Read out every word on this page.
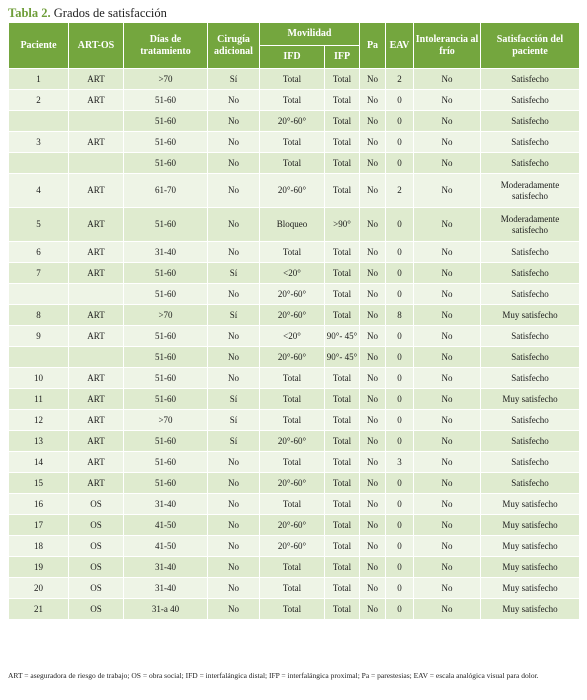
Tabla 2. Grados de satisfacción
Paciente	ART-OS	Días de tratamiento	Cirugía adicional	Movilidad		Pa	EAV	Intolerancia al frío	Satisfacción del paciente
				IFD	IFP				
1	ART	>70	Sí	Total	Total	No	2	No	Satisfecho
2	ART	51-60	No	Total	Total	No	0	No	Satisfecho
		51-60	No	20°-60°	Total	No	0	No	Satisfecho
3	ART	51-60	No	Total	Total	No	0	No	Satisfecho
		51-60	No	Total	Total	No	0	No	Satisfecho
4	ART	61-70	No	20°-60°	Total	No	2	No	Moderadamente satisfecho
5	ART	51-60	No	Bloqueo	>90°	No	0	No	Moderadamente satisfecho
6	ART	31-40	No	Total	Total	No	0	No	Satisfecho
7	ART	51-60	Sí	<20°	Total	No	0	No	Satisfecho
		51-60	No	20°-60°	Total	No	0	No	Satisfecho
8	ART	>70	Sí	20°-60°	Total	No	8	No	Muy satisfecho
9	ART	51-60	No	<20°	90°- 45°	No	0	No	Satisfecho
		51-60	No	20°-60°	90°- 45°	No	0	No	Satisfecho
10	ART	51-60	No	Total	Total	No	0	No	Satisfecho
11	ART	51-60	Sí	Total	Total	No	0	No	Muy satisfecho
12	ART	>70	Sí	Total	Total	No	0	No	Satisfecho
13	ART	51-60	Sí	20°-60°	Total	No	0	No	Satisfecho
14	ART	51-60	No	Total	Total	No	3	No	Satisfecho
15	ART	51-60	No	20°-60°	Total	No	0	No	Satisfecho
16	OS	31-40	No	Total	Total	No	0	No	Muy satisfecho
17	OS	41-50	No	20°-60°	Total	No	0	No	Muy satisfecho
18	OS	41-50	No	20°-60°	Total	No	0	No	Muy satisfecho
19	OS	31-40	No	Total	Total	No	0	No	Muy satisfecho
20	OS	31-40	No	Total	Total	No	0	No	Muy satisfecho
21	OS	31-a 40	No	Total	Total	No	0	No	Muy satisfecho
ART = aseguradora de riesgo de trabajo; OS = obra social; IFD = interfalángica distal; IFP = interfalángica proximal; Pa = parestesias; EAV = escala analógica visual para dolor.
